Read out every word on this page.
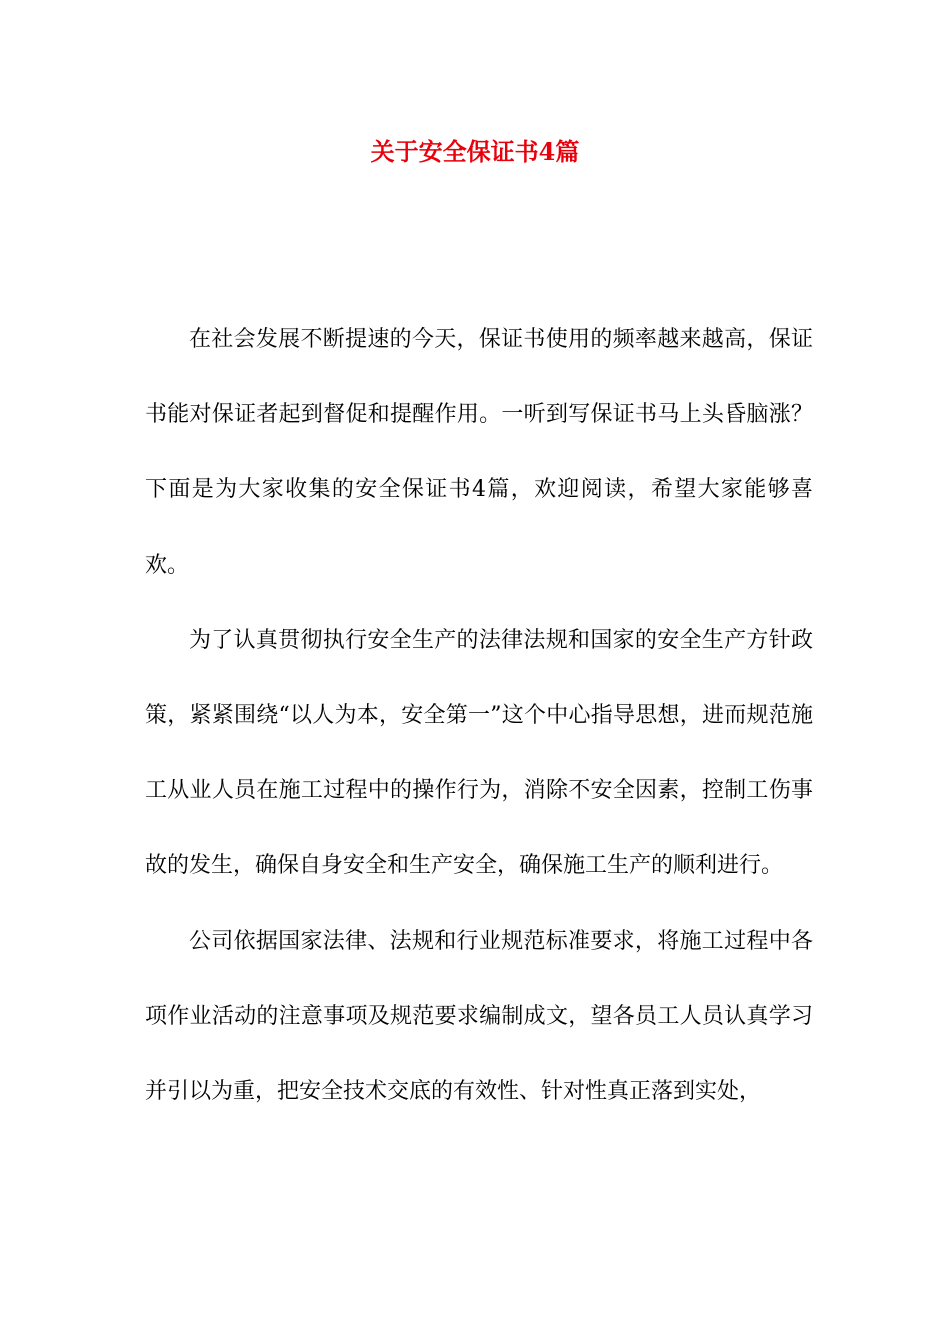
关于安全保证书4篇

在社会发展不断提速的今天，保证书使用的频率越来越高，保证书能对保证者起到督促和提醒作用。一听到写保证书马上头昏脑涨？下面是为大家收集的安全保证书4篇，欢迎阅读，希望大家能够喜欢。

为了认真贯彻执行安全生产的法律法规和国家的安全生产方针政策，紧紧围绕“以人为本，安全第一”这个中心指导思想，进而规范施工从业人员在施工过程中的操作行为，消除不安全因素，控制工伤事故的发生，确保自身安全和生产安全，确保施工生产的顺利进行。

公司依据国家法律、法规和行业规范标准要求，将施工过程中各项作业活动的注意事项及规范要求编制成文，望各员工人员认真学习并引以为重，把安全技术交底的有效性、针对性真正落到实处，
